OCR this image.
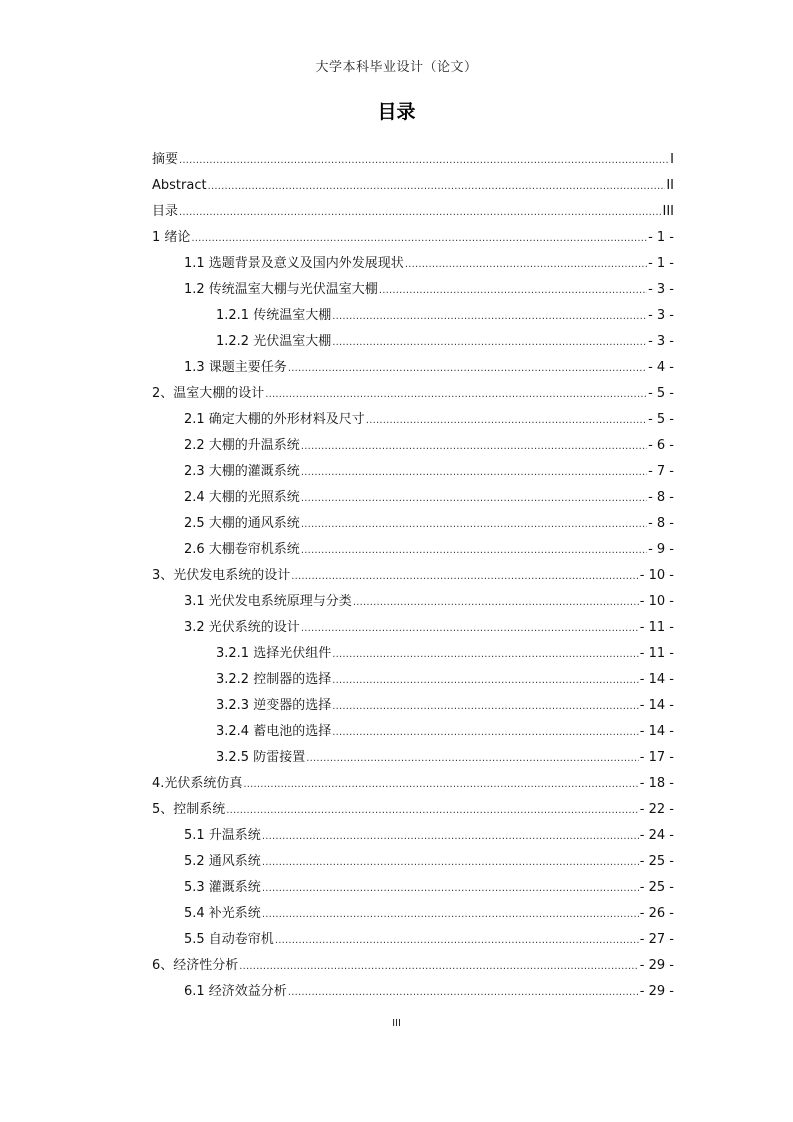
大学本科毕业设计（论文）
目录
摘要 .....	I
Abstract .....	II
目录 .....	III
1 绪论 .....	- 1 -
1.1 选题背景及意义及国内外发展现状 .....	- 1 -
1.2 传统温室大棚与光伏温室大棚 .....	- 3 -
1.2.1 传统温室大棚 .....	- 3 -
1.2.2 光伏温室大棚 .....	- 3 -
1.3 课题主要任务 .....	- 4 -
2、温室大棚的设计 .....	- 5 -
2.1 确定大棚的外形材料及尺寸 .....	- 5 -
2.2 大棚的升温系统 .....	- 6 -
2.3 大棚的灌溉系统 .....	- 7 -
2.4 大棚的光照系统 .....	- 8 -
2.5 大棚的通风系统 .....	- 8 -
2.6 大棚卷帘机系统 .....	- 9 -
3、光伏发电系统的设计 .....	- 10 -
3.1 光伏发电系统原理与分类 .....	- 10 -
3.2 光伏系统的设计 .....	- 11 -
3.2.1 选择光伏组件 .....	- 11 -
3.2.2 控制器的选择 .....	- 14 -
3.2.3 逆变器的选择 .....	- 14 -
3.2.4 蓄电池的选择 .....	- 14 -
3.2.5 防雷接置 .....	- 17 -
4.光伏系统仿真 .....	- 18 -
5、控制系统 .....	- 22 -
5.1 升温系统 .....	- 24 -
5.2 通风系统 .....	- 25 -
5.3 灌溉系统 .....	- 25 -
5.4 补光系统 .....	- 26 -
5.5 自动卷帘机 .....	- 27 -
6、经济性分析 .....	- 29 -
6.1 经济效益分析 .....	- 29 -
III
